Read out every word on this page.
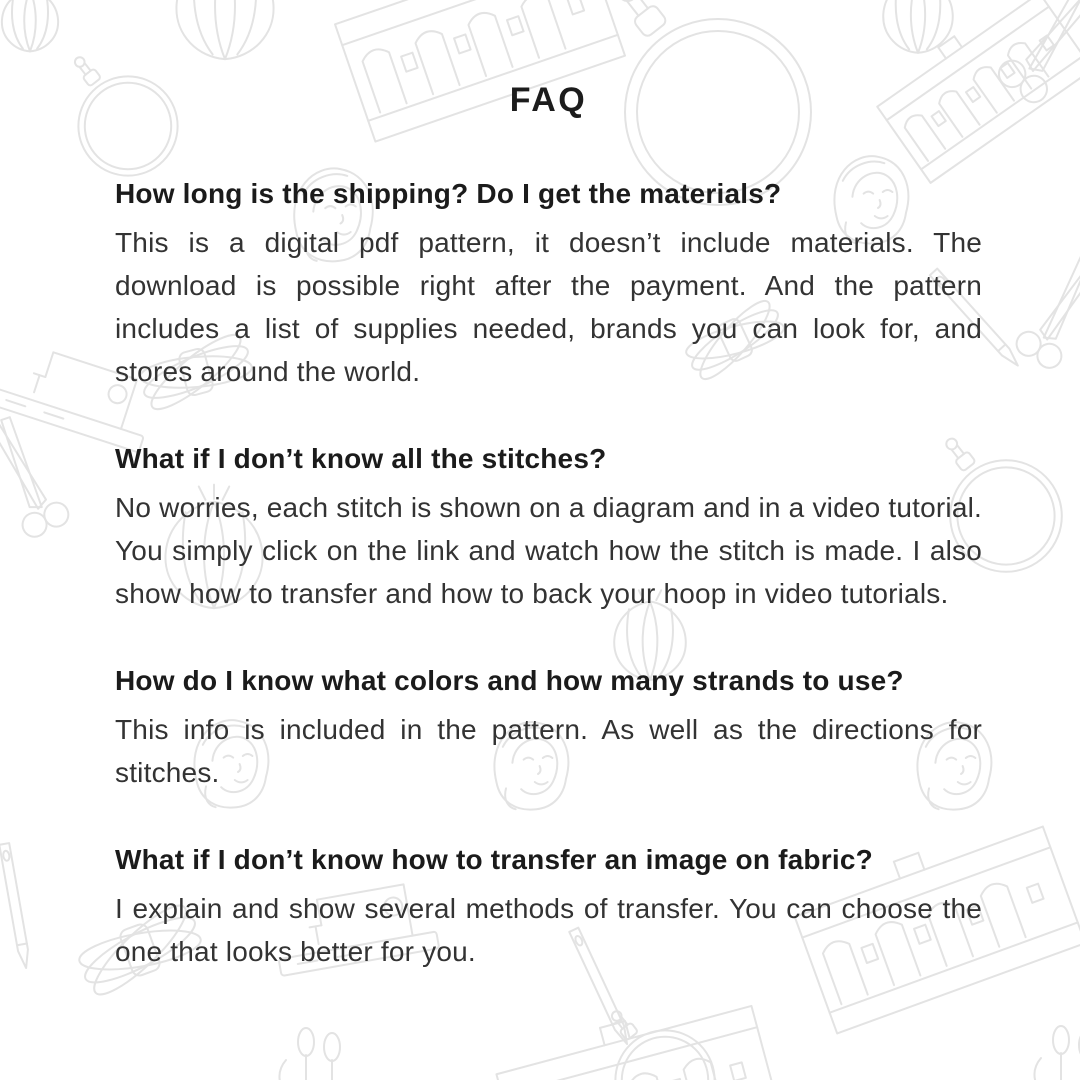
FAQ
How long is the shipping? Do I get the materials?

This is a digital pdf pattern, it doesn’t include materials. The download is possible right after the payment. And the pattern includes a list of supplies needed, brands you can look for, and stores around the world.

What if I don’t know all the stitches?

No worries, each stitch is shown on a diagram and in a video tutorial. You simply click on the link and watch how the stitch is made. I also show how to transfer and how to back your hoop in video tutorials.

How do I know what colors and how many strands to use?

This info is included in the pattern. As well as the directions for stitches.

What if I don’t know how to transfer an image on fabric?

I explain and show several methods of transfer. You can choose the one that looks better for you.
